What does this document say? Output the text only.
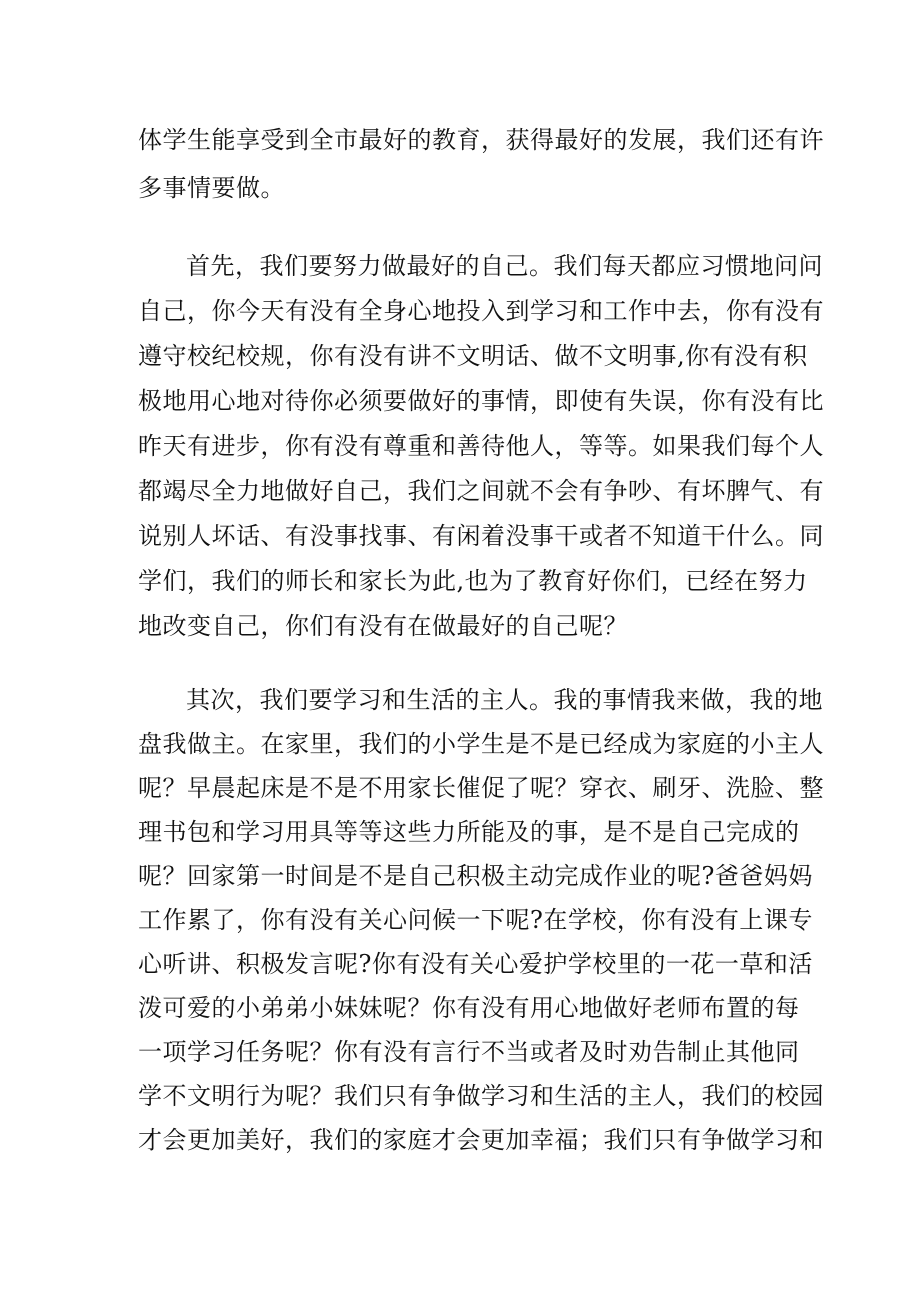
体学生能享受到全市最好的教育，获得最好的发展，我们还有许
多事情要做。
首先，我们要努力做最好的自己。我们每天都应习惯地问问
自己，你今天有没有全身心地投入到学习和工作中去，你有没有
遵守校纪校规，你有没有讲不文明话、做不文明事,你有没有积
极地用心地对待你必须要做好的事情，即使有失误，你有没有比
昨天有进步，你有没有尊重和善待他人，等等。如果我们每个人
都竭尽全力地做好自己，我们之间就不会有争吵、有坏脾气、有
说别人坏话、有没事找事、有闲着没事干或者不知道干什么。同
学们，我们的师长和家长为此,也为了教育好你们，已经在努力
地改变自己，你们有没有在做最好的自己呢？
其次，我们要学习和生活的主人。我的事情我来做，我的地
盘我做主。在家里，我们的小学生是不是已经成为家庭的小主人
呢？早晨起床是不是不用家长催促了呢？穿衣、刷牙、洗脸、整
理书包和学习用具等等这些力所能及的事，是不是自己完成的
呢？回家第一时间是不是自己积极主动完成作业的呢?爸爸妈妈
工作累了，你有没有关心问候一下呢?在学校，你有没有上课专
心听讲、积极发言呢?你有没有关心爱护学校里的一花一草和活
泼可爱的小弟弟小妹妹呢？你有没有用心地做好老师布置的每
一项学习任务呢？你有没有言行不当或者及时劝告制止其他同
学不文明行为呢？我们只有争做学习和生活的主人，我们的校园
才会更加美好，我们的家庭才会更加幸福；我们只有争做学习和
